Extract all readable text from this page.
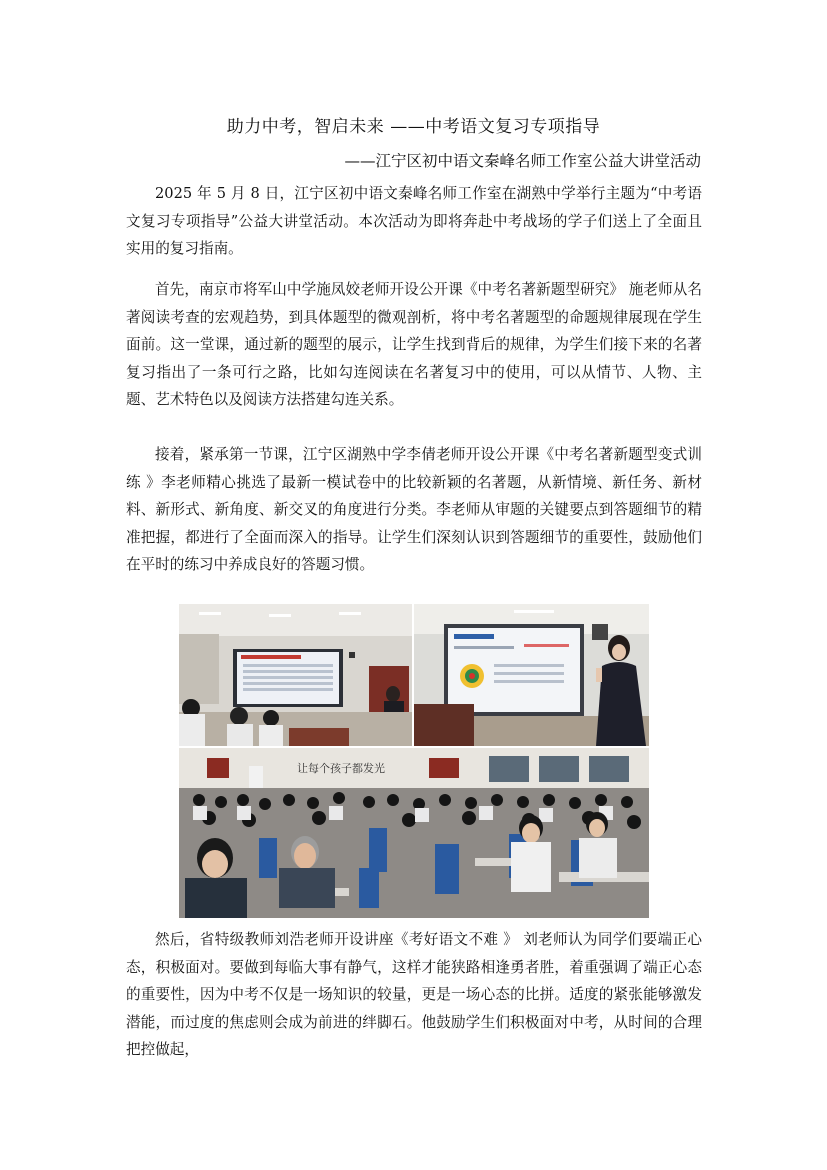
助力中考，智启未来 ——中考语文复习专项指导
——江宁区初中语文秦峰名师工作室公益大讲堂活动

2025 年 5 月 8 日，江宁区初中语文秦峰名师工作室在湖熟中学举行主题为“中考语文复习专项指导”公益大讲堂活动。本次活动为即将奔赴中考战场的学子们送上了全面且实用的复习指南。

首先，南京市将军山中学施凤姣老师开设公开课《中考名著新题型研究》 施老师从名著阅读考查的宏观趋势，到具体题型的微观剖析，将中考名著题型的命题规律展现在学生面前。这一堂课，通过新的题型的展示，让学生找到背后的规律，为学生们接下来的名著复习指出了一条可行之路，比如勾连阅读在名著复习中的使用，可以从情节、人物、主题、艺术特色以及阅读方法搭建勾连关系。

接着，紧承第一节课，江宁区湖熟中学李倩老师开设公开课《中考名著新题型变式训练 》李老师精心挑选了最新一模试卷中的比较新颖的名著题，从新情境、新任务、新材料、新形式、新角度、新交叉的角度进行分类。李老师从审题的关键要点到答题细节的精准把握，都进行了全面而深入的指导。让学生们深刻认识到答题细节的重要性，鼓励他们在平时的练习中养成良好的答题习惯。

让每个孩子都发光

然后，省特级教师刘浩老师开设讲座《考好语文不难 》 刘老师认为同学们要端正心态，积极面对。要做到每临大事有静气，这样才能狭路相逢勇者胜，着重强调了端正心态的重要性，因为中考不仅是一场知识的较量，更是一场心态的比拼。适度的紧张能够激发潜能，而过度的焦虑则会成为前进的绊脚石。他鼓励学生们积极面对中考，从时间的合理把控做起，
